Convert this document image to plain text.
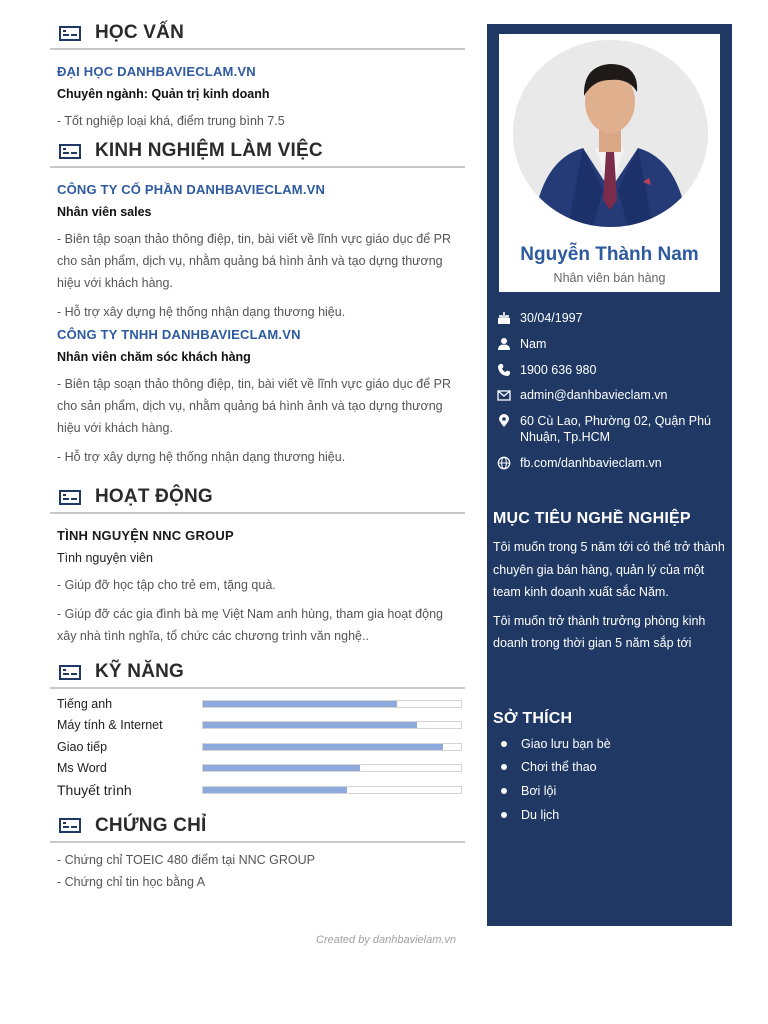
HỌC VẤN
ĐẠI HỌC DANHBAVIECLAM.VN
Chuyên ngành: Quản trị kinh doanh
- Tốt nghiệp loại khá, điểm trung bình 7.5
KINH NGHIỆM LÀM VIỆC
CÔNG TY CỔ PHẦN DANHBAVIECLAM.VN
Nhân viên sales
- Biên tập soạn thảo thông điệp, tin, bài viết về lĩnh vực giáo dục để PR cho sản phẩm, dịch vụ, nhằm quảng bá hình ảnh và tạo dựng thương hiệu với khách hàng.
- Hỗ trợ xây dựng hệ thống nhận dạng thương hiệu.
CÔNG TY TNHH DANHBAVIECLAM.VN
Nhân viên chăm sóc khách hàng
- Biên tập soạn thảo thông điệp, tin, bài viết về lĩnh vực giáo dục để PR cho sản phẩm, dịch vụ, nhằm quảng bá hình ảnh và tạo dựng thương hiệu với khách hàng.
- Hỗ trợ xây dựng hệ thống nhận dạng thương hiệu.
HOẠT ĐỘNG
TÌNH NGUYỆN NNC GROUP
Tình nguyện viên
- Giúp đỡ học tập cho trẻ em, tặng quà.
- Giúp đỡ các gia đình bà mẹ Việt Nam anh hùng, tham gia hoạt động xây nhà tình nghĩa, tổ chức các chương trình văn nghệ..
KỸ NĂNG
Tiếng anh
Máy tính & Internet
Giao tiếp
Ms Word
Thuyết trình
CHỨNG CHỈ
- Chứng chỉ TOEIC 480 điểm tại NNC GROUP
- Chứng chỉ tin học bằng A
Created by danhbavielam.vn
Nguyễn Thành Nam
Nhân viên bán hàng
30/04/1997
Nam
1900 636 980
admin@danhbavieclam.vn
60 Cù Lao, Phường 02, Quận Phú Nhuận, Tp.HCM
fb.com/danhbavieclam.vn
MỤC TIÊU NGHỀ NGHIỆP
Tôi muốn trong 5 năm tới có thể trở thành chuyên gia bán hàng, quản lý của một team kinh doanh xuất sắc Năm.
Tôi muốn trở thành trưởng phòng kinh doanh trong thời gian 5 năm sắp tới
SỞ THÍCH
Giao lưu bạn bè
Chơi thể thao
Bơi lội
Du lịch
